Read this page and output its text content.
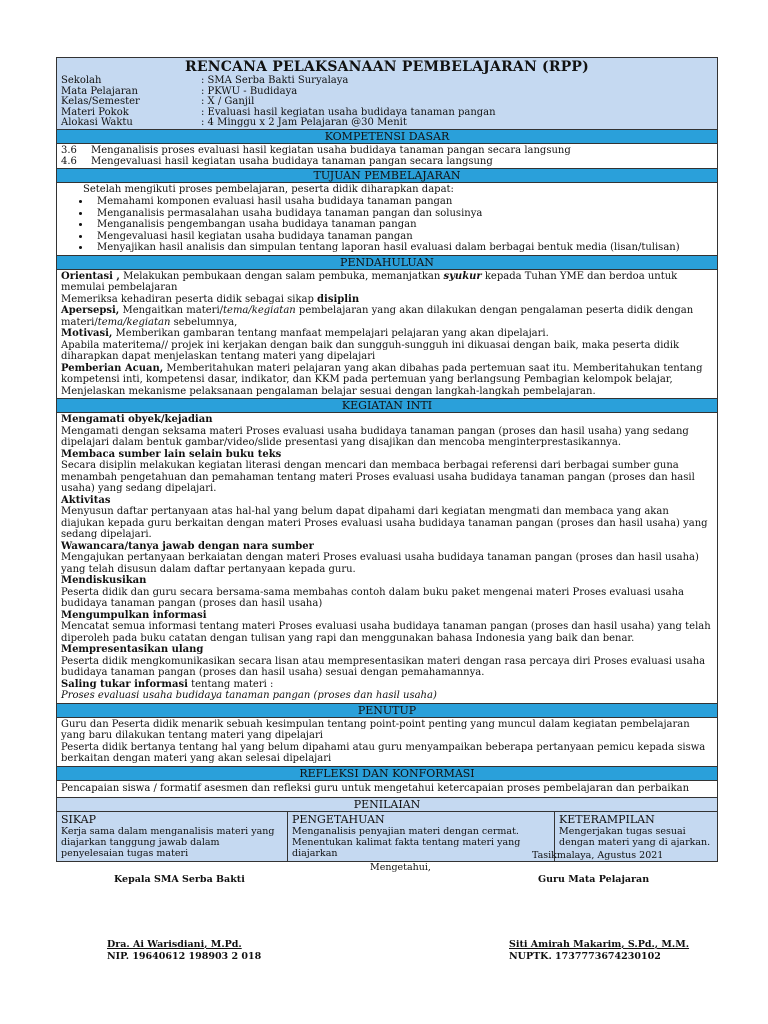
RENCANA PELAKSANAAN PEMBELAJARAN (RPP)
Sekolah	: SMA Serba Bakti Suryalaya
Mata Pelajaran	: PKWU - Budidaya
Kelas/Semester	: X / Ganjil
Materi Pokok	: Evaluasi hasil kegiatan usaha budidaya tanaman pangan
Alokasi Waktu	: 4 Minggu x 2 Jam Pelajaran @30 Menit
KOMPETENSI DASAR
3.6	Menganalisis proses evaluasi hasil kegiatan usaha budidaya tanaman pangan secara langsung
4.6	Mengevaluasi hasil kegiatan usaha budidaya tanaman pangan secara langsung
TUJUAN PEMBELAJARAN

Setelah mengikuti proses pembelajaran, peserta didik diharapkan dapat:

• Memahami komponen evaluasi hasil usaha budidaya tanaman pangan
• Menganalisis permasalahan usaha budidaya tanaman pangan dan solusinya
• Menganalisis pengembangan usaha budidaya tanaman pangan
• Mengevaluasi hasil kegiatan usaha budidaya tanaman pangan
• Menyajikan hasil analisis dan simpulan tentang laporan hasil evaluasi dalam berbagai bentuk media (lisan/tulisan)
PENDAHULUAN

Orientasi , Melakukan pembukaan dengan salam pembuka, memanjatkan syukur kepada Tuhan YME dan berdoa untuk memulai pembelajaran

Memeriksa kehadiran peserta didik sebagai sikap disiplin

Apersepsi, Mengaitkan materi/tema/kegiatan pembelajaran yang akan dilakukan dengan pengalaman peserta didik dengan materi/tema/kegiatan sebelumnya,

Motivasi, Memberikan gambaran tentang manfaat mempelajari pelajaran yang akan dipelajari.

Apabila materitema// projek ini kerjakan dengan baik dan sungguh-sungguh ini dikuasai dengan baik, maka peserta didik diharapkan dapat menjelaskan tentang materi yang dipelajari

Pemberian Acuan, Memberitahukan materi pelajaran yang akan dibahas pada pertemuan saat itu. Memberitahukan tentang kompetensi inti, kompetensi dasar, indikator, dan KKM pada pertemuan yang berlangsung Pembagian kelompok belajar, Menjelaskan mekanisme pelaksanaan pengalaman belajar sesuai dengan langkah-langkah pembelajaran.

KEGIATAN INTI

Mengamati obyek/kejadian

Mengamati dengan seksama materi Proses evaluasi usaha budidaya tanaman pangan (proses dan hasil usaha) yang sedang dipelajari dalam bentuk gambar/video/slide presentasi yang disajikan dan mencoba menginterprestasikannya.

Membaca sumber lain selain buku teks

Secara disiplin melakukan kegiatan literasi dengan mencari dan membaca berbagai referensi dari berbagai sumber guna menambah pengetahuan dan pemahaman tentang materi Proses evaluasi usaha budidaya tanaman pangan (proses dan hasil usaha) yang sedang dipelajari.

Aktivitas

Menyusun daftar pertanyaan atas hal-hal yang belum dapat dipahami dari kegiatan mengmati dan membaca yang akan diajukan kepada guru berkaitan dengan materi Proses evaluasi usaha budidaya tanaman pangan (proses dan hasil usaha) yang sedang dipelajari.

Wawancara/tanya jawab dengan nara sumber

Mengajukan pertanyaan berkaiatan dengan materi Proses evaluasi usaha budidaya tanaman pangan (proses dan hasil usaha) yang telah disusun dalam daftar pertanyaan kepada guru.

Mendiskusikan

Peserta didik dan guru secara bersama-sama membahas contoh dalam buku paket mengenai materi Proses evaluasi usaha budidaya tanaman pangan (proses dan hasil usaha)

Mengumpulkan informasi

Mencatat semua informasi tentang materi Proses evaluasi usaha budidaya tanaman pangan (proses dan hasil usaha) yang telah diperoleh pada buku catatan dengan tulisan yang rapi dan menggunakan bahasa Indonesia yang baik dan benar.

Mempresentasikan ulang

Peserta didik mengkomunikasikan secara lisan atau mempresentasikan materi dengan rasa percaya diri Proses evaluasi usaha budidaya tanaman pangan (proses dan hasil usaha) sesuai dengan pemahamannya.

Saling tukar informasi tentang materi :

Proses evaluasi usaha budidaya tanaman pangan (proses dan hasil usaha)

PENUTUP

Guru dan Peserta didik menarik sebuah kesimpulan tentang point-point penting yang muncul dalam kegiatan pembelajaran yang baru dilakukan tentang materi yang dipelajari

Peserta didik bertanya tentang hal yang belum dipahami atau guru menyampaikan beberapa pertanyaan pemicu kepada siswa berkaitan dengan materi yang akan selesai dipelajari

REFLEKSI DAN KONFORMASI

Pencapaian siswa / formatif asesmen dan refleksi guru untuk mengetahui ketercapaian proses pembelajaran dan perbaikan

PENILAIAN
SIKAP
Kerja sama dalam menganalisis materi yang diajarkan tanggung jawab dalam penyelesaian tugas materi
PENGETAHUAN
Menganalisis penyajian materi dengan cermat. Menentukan kalimat fakta tentang materi yang diajarkan
KETERAMPILAN
Mengerjakan tugas sesuai dengan materi yang di ajarkan.
Tasikmalaya, Agustus 2021
Mengetahui,
Kepala SMA Serba Bakti	Guru Mata Pelajaran
Dra. Ai Warisdiani, M.Pd.
NIP. 19640612 198903 2 018
Siti Amirah Makarim, S.Pd., M.M.
NUPTK. 1737773674230102
